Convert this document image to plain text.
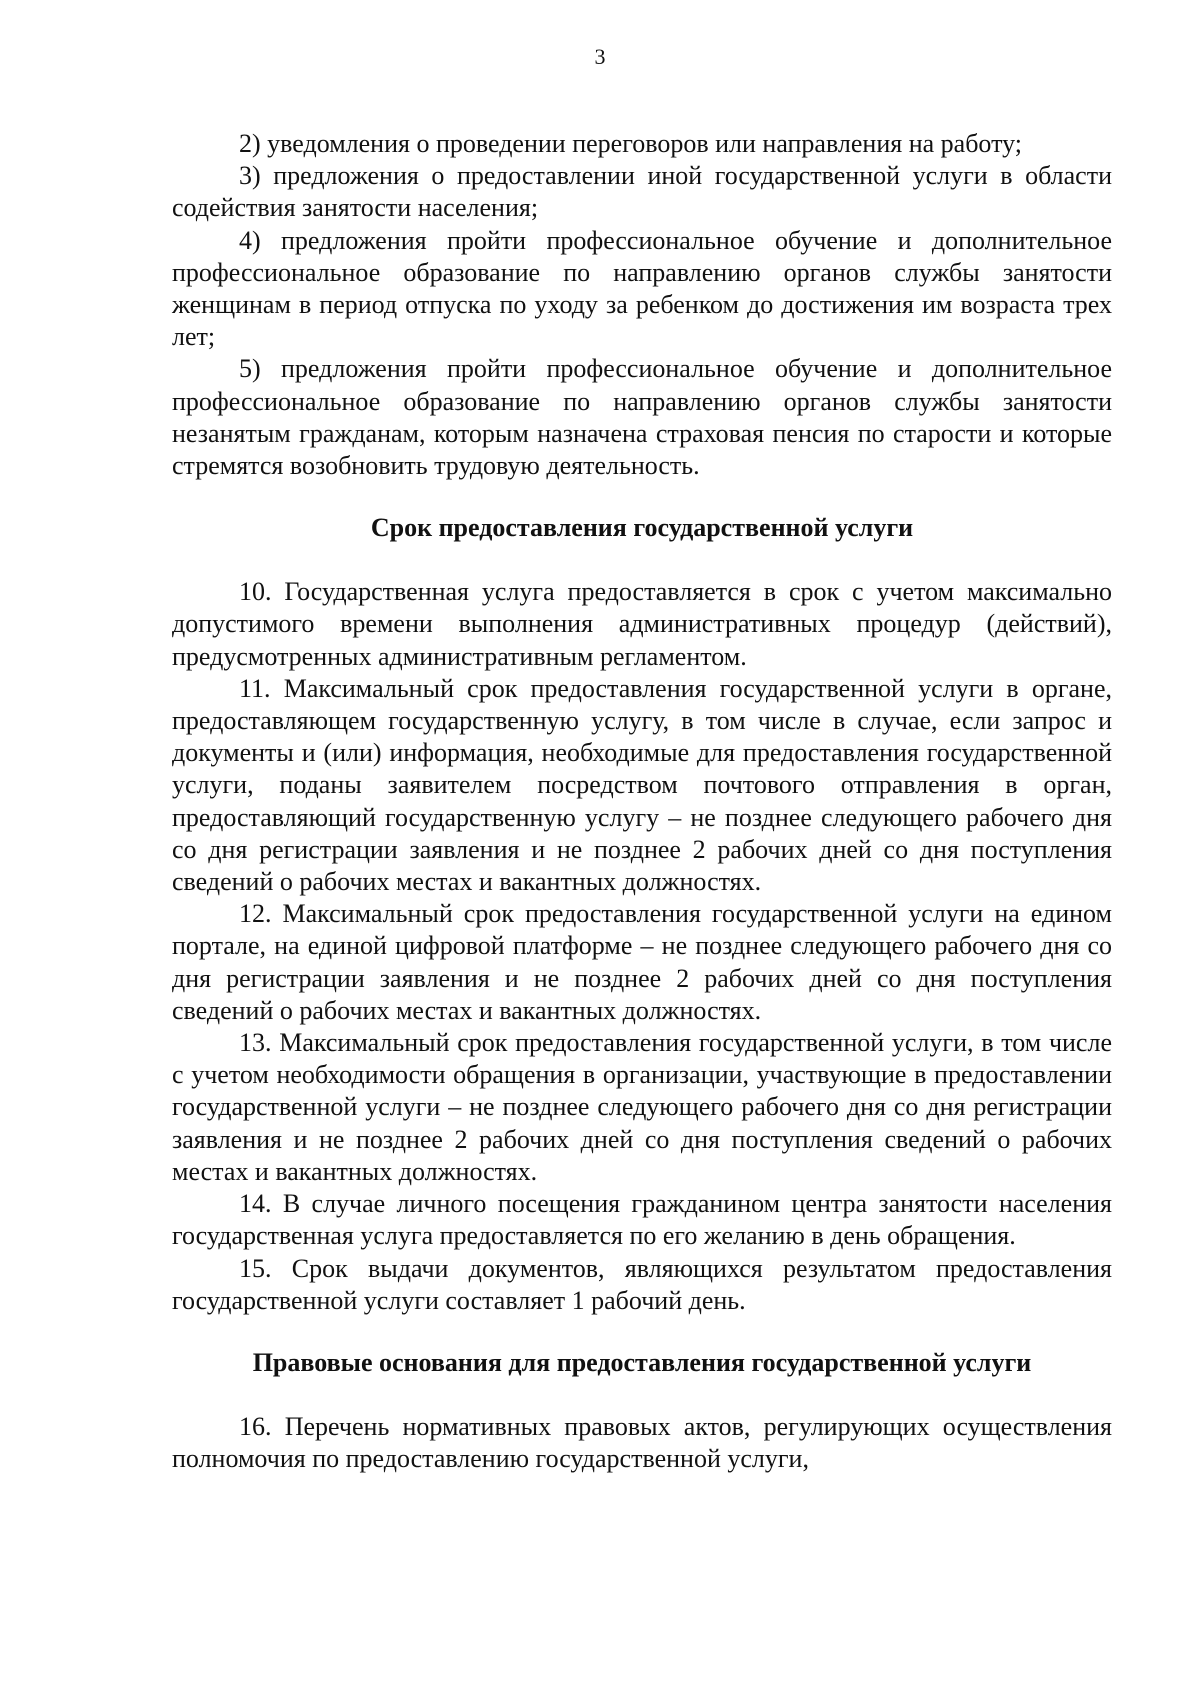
3

2) уведомления о проведении переговоров или направления на работу;

3) предложения о предоставлении иной государственной услуги в области содействия занятости населения;

4) предложения пройти профессиональное обучение и дополнительное профессиональное образование по направлению органов службы занятости женщинам в период отпуска по уходу за ребенком до достижения им возраста трех лет;

5) предложения пройти профессиональное обучение и дополнительное профессиональное образование по направлению органов службы занятости незанятым гражданам, которым назначена страховая пенсия по старости и которые стремятся возобновить трудовую деятельность.

Срок предоставления государственной услуги

10. Государственная услуга предоставляется в срок с учетом максимально допустимого времени выполнения административных процедур (действий), предусмотренных административным регламентом.

11. Максимальный срок предоставления государственной услуги в органе, предоставляющем государственную услугу, в том числе в случае, если запрос и документы и (или) информация, необходимые для предоставления государственной услуги, поданы заявителем посредством почтового отправления в орган, предоставляющий государственную услугу – не позднее следующего рабочего дня со дня регистрации заявления и не позднее 2 рабочих дней со дня поступления сведений о рабочих местах и вакантных должностях.

12. Максимальный срок предоставления государственной услуги на едином портале, на единой цифровой платформе – не позднее следующего рабочего дня со дня регистрации заявления и не позднее 2 рабочих дней со дня поступления сведений о рабочих местах и вакантных должностях.

13. Максимальный срок предоставления государственной услуги, в том числе с учетом необходимости обращения в организации, участвующие в предоставлении государственной услуги – не позднее следующего рабочего дня со дня регистрации заявления и не позднее 2 рабочих дней со дня поступления сведений о рабочих местах и вакантных должностях.

14. В случае личного посещения гражданином центра занятости населения государственная услуга предоставляется по его желанию в день обращения.

15. Срок выдачи документов, являющихся результатом предоставления государственной услуги составляет 1 рабочий день.

Правовые основания для предоставления государственной услуги

16. Перечень нормативных правовых актов, регулирующих осуществления полномочия по предоставлению государственной услуги,
